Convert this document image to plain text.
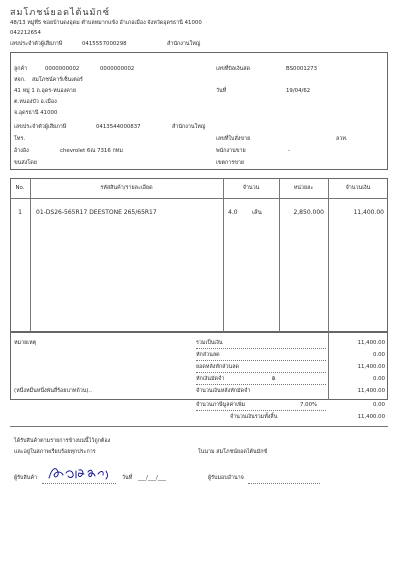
สมโภชน์ยอดไต้นมักซ์
48/13 หมู่ที่5 ซอยบ้านดงอุดม ตำบลหมากแข้ง อำเภอเมือง จังหวัดอุดรธานี 41000
042212654
เลขประจำตัวผู้เสียภาษี	0415557000298	สำนักงานใหญ่
ลูกค้า	0000000002	0000000002
หจก. สมโภชน์คาร์เซ็นเตอร์
41 หมู่ 1 ถ.อุดร-หนองคาย
ต.หนองบัว อ.เมือง
จ.อุดรธานี 41000
เลขประจำตัวผู้เสียภาษี	0413544000837	สำนักงานใหญ่
โทร.
อ้างอิง	chevrolet 6ณ 7316 กทม
ขนส่งโดย
เลขที่บิลเงินสด	BS0001273
วันที่	19/04/62
เลขที่ใบสั่งขาย	ลวท.
พนักงานขาย	-
เขตการขาย
No.	รหัสสินค้า/รายละเอียด	จำนวน	หน่วยละ	จำนวนเงิน
1	01-DS26-565R17 DEESTONE 265/65R17	4.0 เส้น	2,850.000	11,400.00
หมายเหตุ
(หนึ่งหมื่นหนึ่งพันสี่ร้อยบาทถ้วน)..
รวมเป็นเงิน	11,400.00
หักส่วนลด	0.00
ยอดหลังหักส่วนลด	11,400.00
หักเงินมัดจำ	฿	0.00
จำนวนเงินหลังหักมัดจำ	11,400.00
จำนวนภาษีมูลค่าเพิ่ม	7.00%	0.00
จำนวนเงินรวมทั้งสิ้น	11,400.00
ได้รับสินค้าตามรายการข้างบนนี้ไว้ถูกต้อง
และอยู่ในสภาพเรียบร้อยทุกประการ	ในนาม สมโภชน์ยอดไต้นมักซ์
ผู้รับสินค้า	วันที่ ___/___/___	ผู้รับมอบอำนาจ
